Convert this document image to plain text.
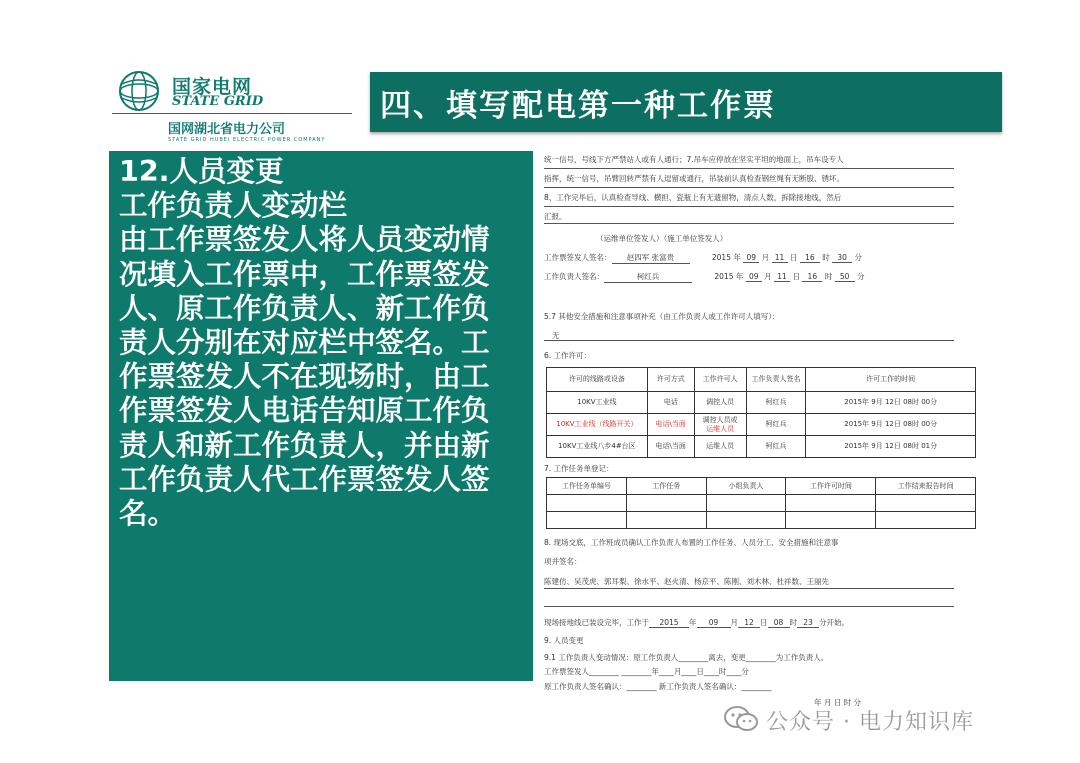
国家电网
STATE GRID
国网湖北省电力公司
STATE GRID HUBEI ELECTRIC POWER COMPANY
四、填写配电第一种工作票
12.人员变更
工作负责人变动栏
由工作票签发人将人员变动情
况填入工作票中，工作票签发
人、原工作负责人、新工作负
责人分别在对应栏中签名。工
作票签发人不在现场时，由工
作票签发人电话告知原工作负
责人和新工作负责人，并由新
工作负责人代工作票签发人签
名。
统一信号，号线下方严禁站人或有人通行；7.吊车应停放在坚实平坦的地面上，吊车设专人
指挥，统一信号，吊臂回转严禁有人逗留或通行，吊装前认真检查钢丝绳有无断股、锈坏。
8、工作完毕后，认真检查导线、横担、瓷瓶上有无遗留物，清点人数，拆除接地线，然后
汇报。
（运维单位签发人）（施工单位签发人）
工作票签发人签名： 赵四军 张富贵	2015 年 09 月 11 日 16 时 30 分
工作负责人签名：	柯红兵	2015 年 09 月 11 日 16 时 50 分
5.7 其他安全措施和注意事项补充（由工作负责人或工作许可人填写）：
无
6. 工作许可：
许可的线路或设备	许可方式	工作许可人	工作负责人签名	许可工作的时间
10KV工业线	电话	调控人员	柯红兵	2015年 9月 12日 08时 00分
10KV工业线（线路开关）	电话\当面	调控人员或
运维人员	柯红兵	2015年 9月 12日 08时 00分
10KV工业线八步4#台区	电话\当面	运维人员	柯红兵	2015年 9月 12日 08时 01分
7. 工作任务单登记：
工作任务单编号	工作任务	小组负责人	工作许可时间	工作结束报告时间

8. 现场交底，工作班成员确认工作负责人布置的工作任务、人员分工、安全措施和注意事
项并签名：
陈建仿、吴茂虎、郭耳梨、徐水平、赵火清、杨京平、陈刚、刘木林、杜祥数、王丽先
现场接地线已装设完毕，工作于 2015 年 09 月 12 日 08 时 23 分开始。
9. 人员变更
9.1 工作负责人变动情况：原工作负责人________离去，变更________为工作负责人。
工作票签发人________ ________年____月____日____时____分
原工作负责人签名确认：________ 新工作负责人签名确认：________
年 月 日 时 分
公众号 · 电力知识库
